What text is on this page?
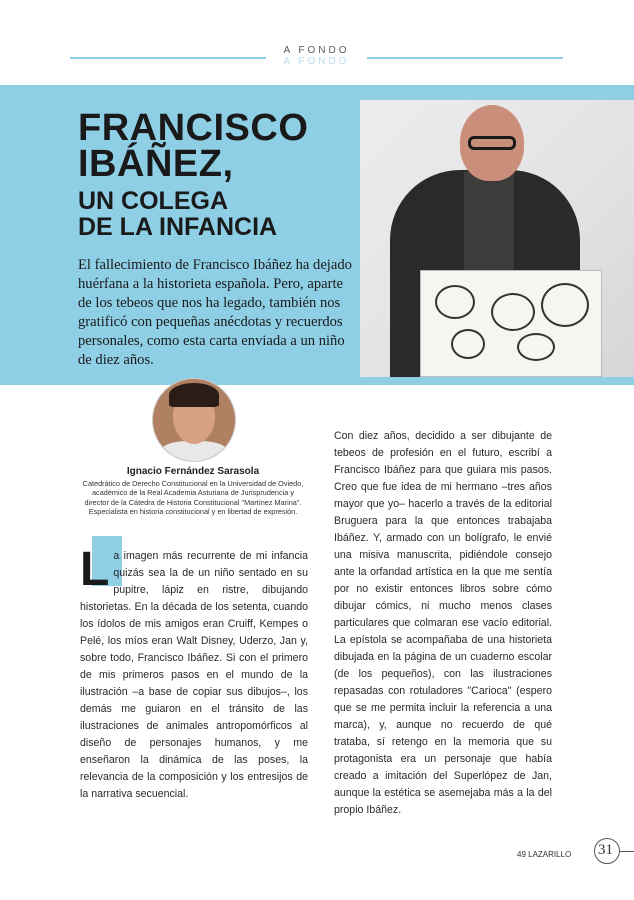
A FONDO
A FONDO
FRANCISCO
IBÁÑEZ,
UN COLEGA
DE LA INFANCIA

El fallecimiento de Francisco Ibáñez ha dejado huérfana a la historieta española. Pero, aparte de los tebeos que nos ha legado, también nos gratificó con pequeñas anécdotas y recuerdos personales, como esta carta enviada a un niño de diez años.

Ignacio Fernández Sarasola

Catedrático de Derecho Constitucional en la Universidad de Oviedo, académico de la Real Academia Asturiana de Jurisprudencia y director de la Cátedra de Historia Constitucional "Martínez Marina". Especialista en historia constitucional y en libertad de expresión.

La imagen más recurrente de mi infancia quizás sea la de un niño sentado en su pupitre, lápiz en ristre, dibujando historietas. En la década de los setenta, cuando los ídolos de mis amigos eran Cruiff, Kempes o Pelé, los míos eran Walt Disney, Uderzo, Jan y, sobre todo, Francisco Ibáñez. Si con el primero de mis primeros pasos en el mundo de la ilustración –a base de copiar sus dibujos–, los demás me guiaron en el tránsito de las ilustraciones de animales antropomórficos al diseño de personajes humanos, y me enseñaron la dinámica de las poses, la relevancia de la composición y los entresijos de la narrativa secuencial.

Con diez años, decidido a ser dibujante de tebeos de profesión en el futuro, escribí a Francisco Ibáñez para que guiara mis pasos. Creo que fue idea de mi hermano –tres años mayor que yo– hacerlo a través de la editorial Bruguera para la que entonces trabajaba Ibáñez. Y, armado con un bolígrafo, le envié una misiva manuscrita, pidiéndole consejo ante la orfandad artística en la que me sentía por no existir entonces libros sobre cómo dibujar cómics, ni mucho menos clases particulares que colmaran ese vacío editorial. La epístola se acompañaba de una historieta dibujada en la página de un cuaderno escolar (de los pequeños), con las ilustraciones repasadas con rotuladores "Carioca" (espero que se me permita incluir la referencia a una marca), y, aunque no recuerdo de qué trataba, sí retengo en la memoria que su protagonista era un personaje que había creado a imitación del Superlópez de Jan, aunque la estética se asemejaba más a la del propio Ibáñez.

49 LAZARILLO 31
